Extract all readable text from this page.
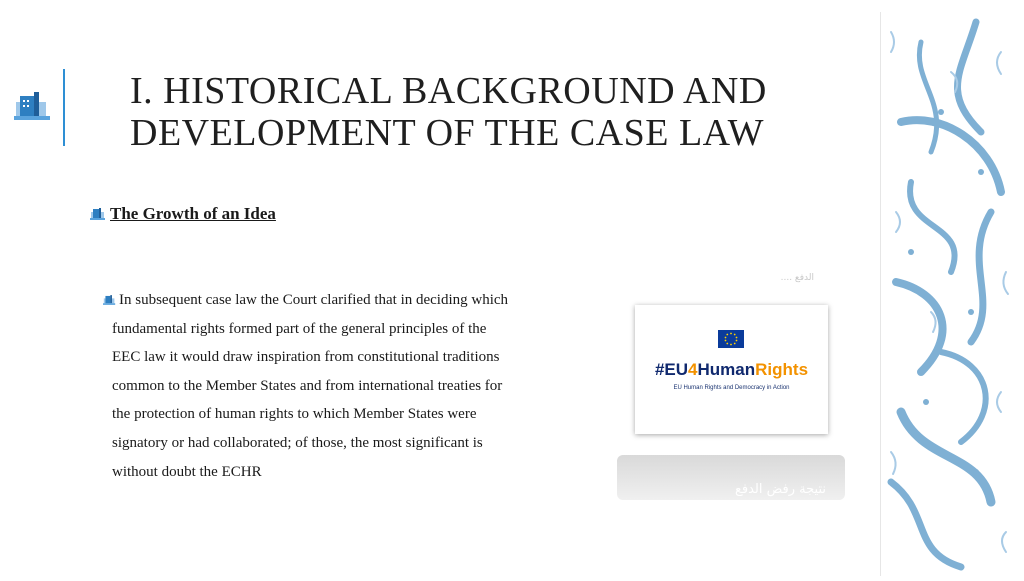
I. HISTORICAL BACKGROUND AND
DEVELOPMENT OF THE CASE LAW
The Growth of an Idea
In subsequent case law the Court clarified that in deciding which
fundamental rights formed part of the general principles of the
EEC law it would draw inspiration from constitutional traditions
common to the Member States and from international treaties for
the protection of human rights to which Member States were
signatory or had collaborated; of those, the most significant is
without doubt the ECHR
الدفع ....
#EU4HumanRights
EU Human Rights and Democracy in Action
نتيجة رفض الدفع
